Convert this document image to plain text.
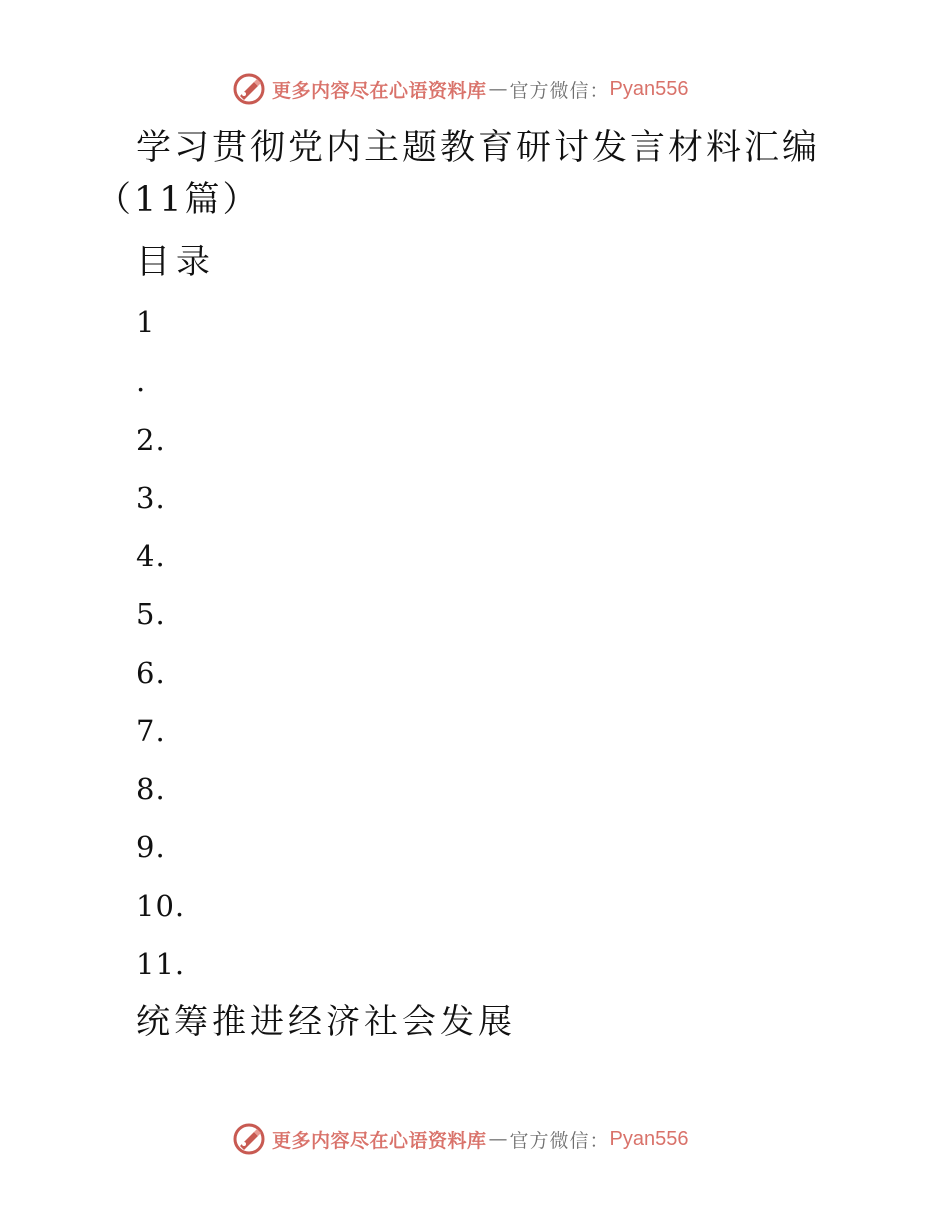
更多内容尽在心语资料库 — 官方微信： Pyan556
学习贯彻党内主题教育研讨发言材料汇编（11篇）
目录
1
.
2.
3.
4.
5.
6.
7.
8.
9.
10.
11.
统筹推进经济社会发展
更多内容尽在心语资料库 — 官方微信： Pyan556
